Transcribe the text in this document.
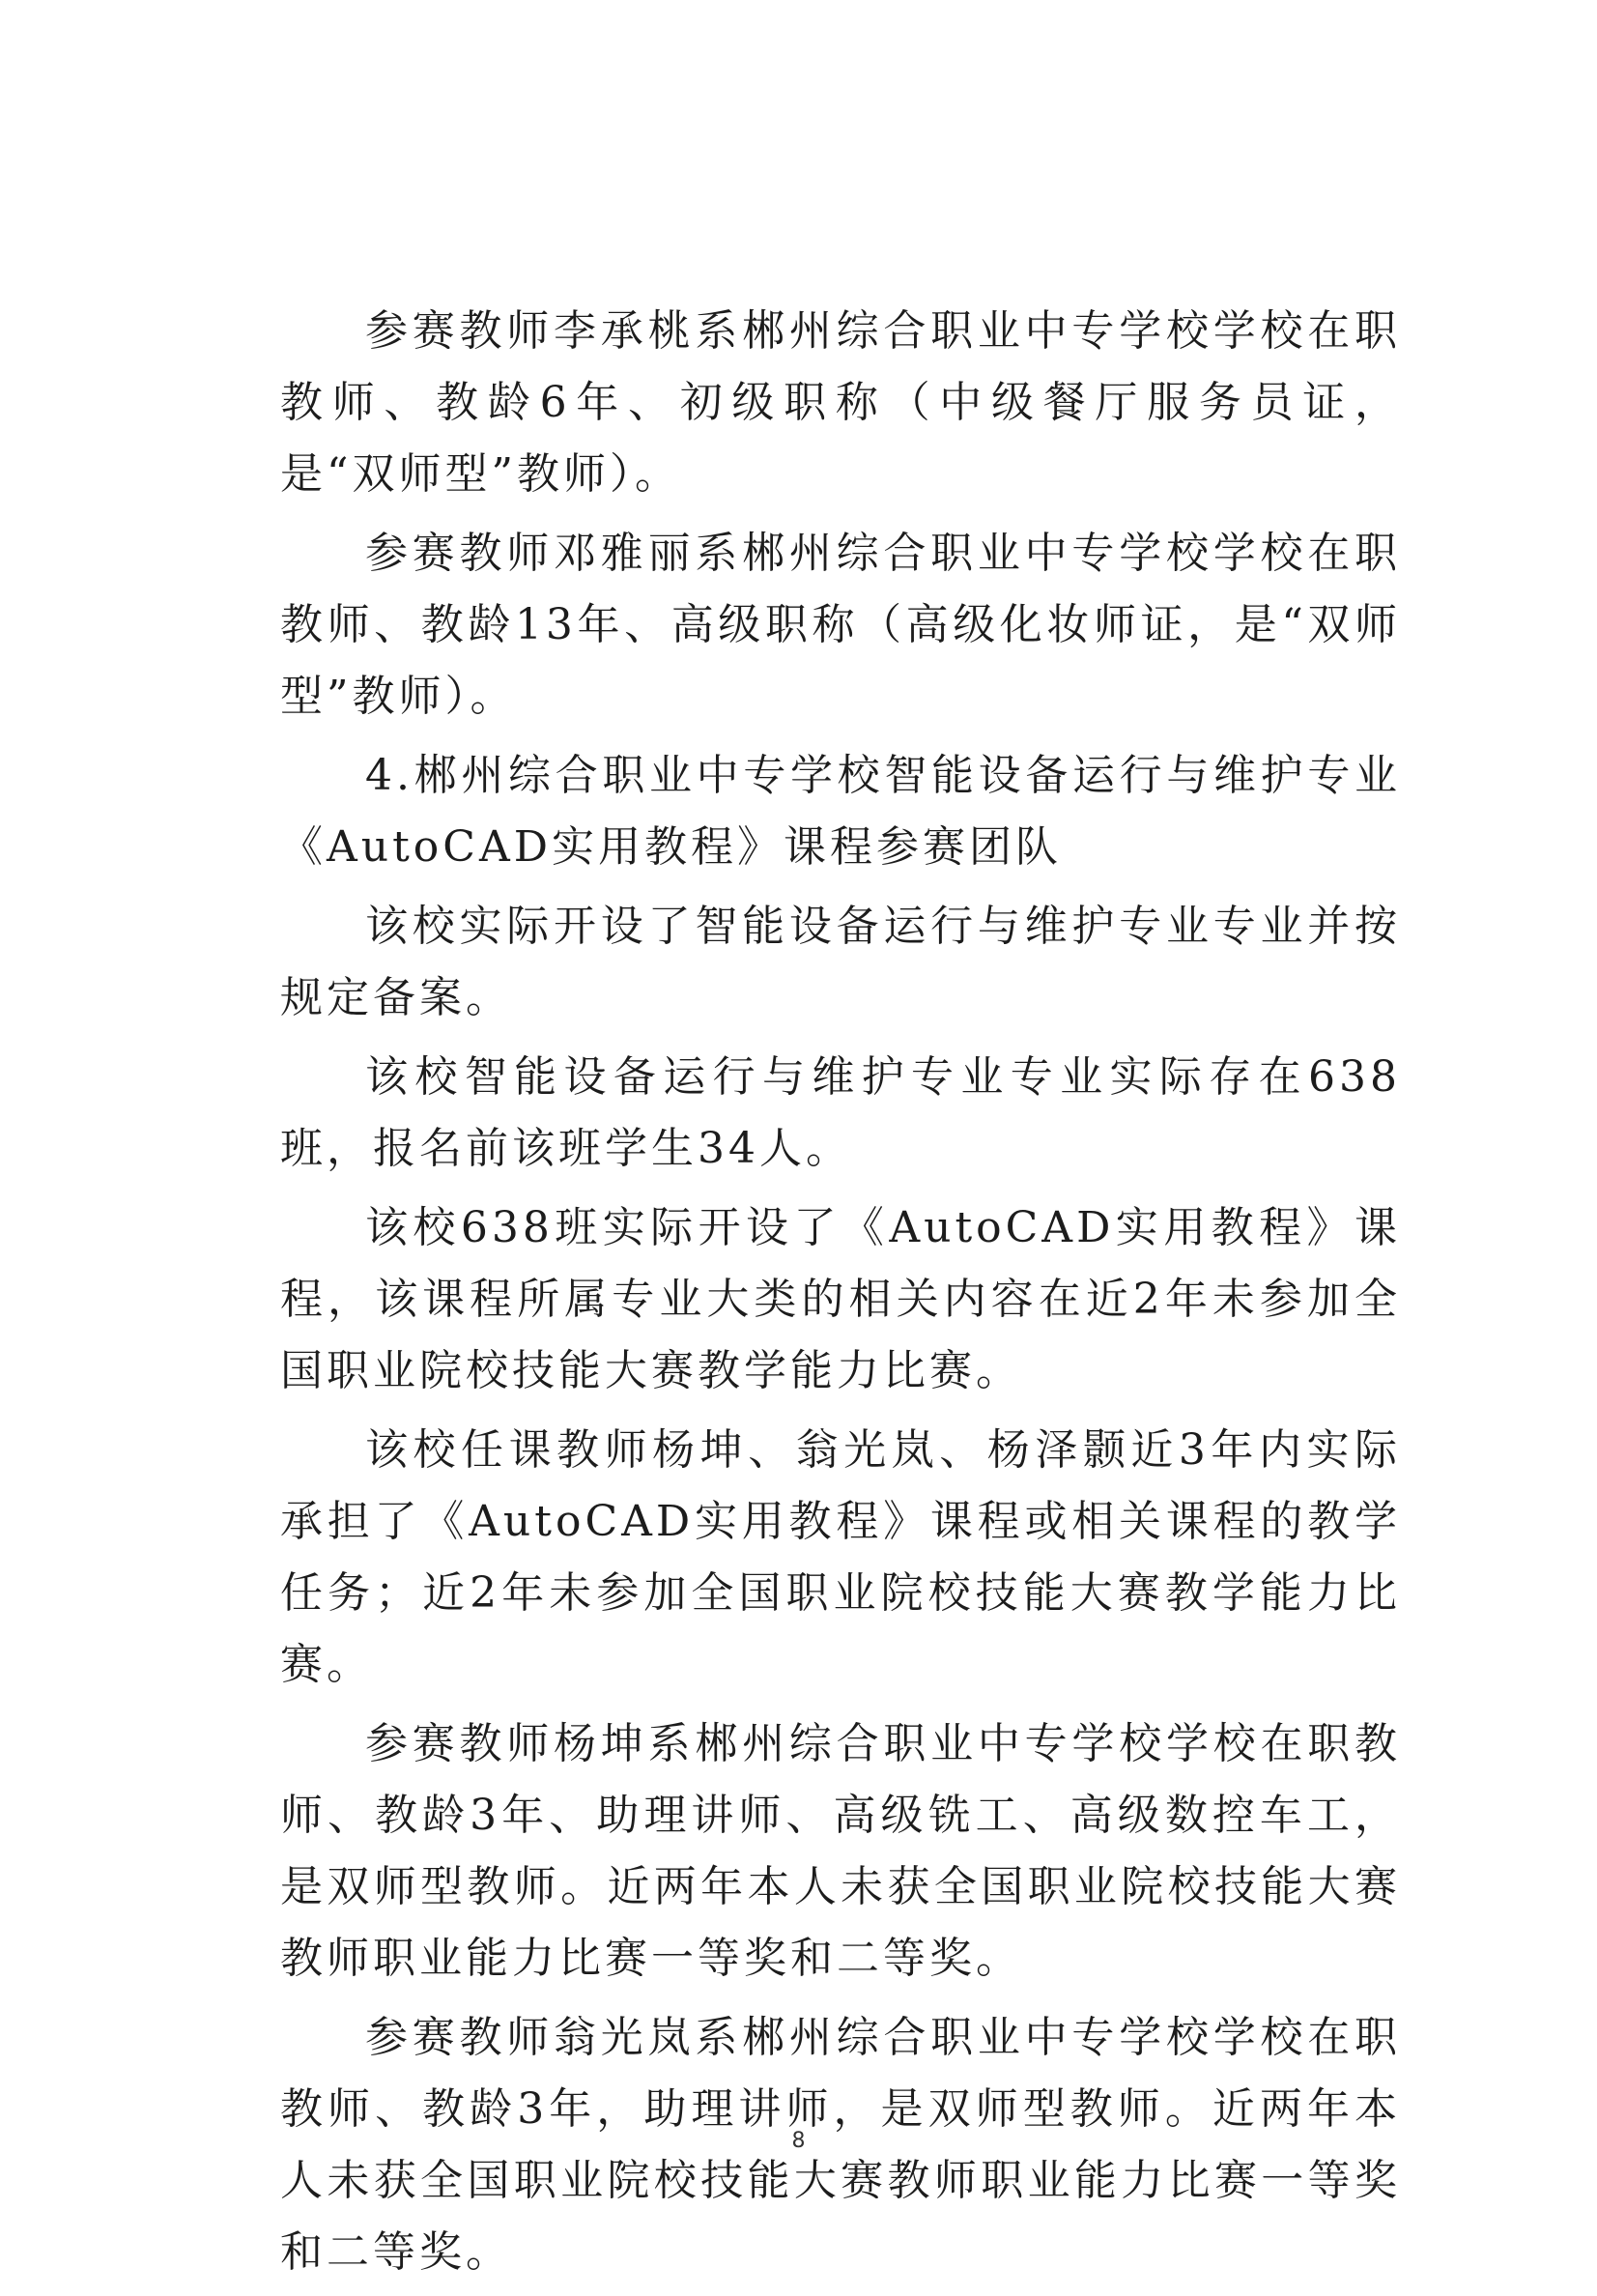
参赛教师李承桃系郴州综合职业中专学校学校在职教师、教龄6年、初级职称（中级餐厅服务员证，是“双师型”教师）。

参赛教师邓雅丽系郴州综合职业中专学校学校在职教师、教龄13年、高级职称（高级化妆师证，是“双师型”教师）。

4.郴州综合职业中专学校智能设备运行与维护专业《AutoCAD实用教程》课程参赛团队

该校实际开设了智能设备运行与维护专业专业并按规定备案。

该校智能设备运行与维护专业专业实际存在638班，报名前该班学生34人。

该校638班实际开设了《AutoCAD实用教程》课程，该课程所属专业大类的相关内容在近2年未参加全国职业院校技能大赛教学能力比赛。

该校任课教师杨坤、翁光岚、杨泽颢近3年内实际承担了《AutoCAD实用教程》课程或相关课程的教学任务；近2年未参加全国职业院校技能大赛教学能力比赛。

参赛教师杨坤系郴州综合职业中专学校学校在职教师、教龄3年、助理讲师、高级铣工、高级数控车工，是双师型教师。近两年本人未获全国职业院校技能大赛教师职业能力比赛一等奖和二等奖。

参赛教师翁光岚系郴州综合职业中专学校学校在职教师、教龄3年，助理讲师，是双师型教师。近两年本人未获全国职业院校技能大赛教师职业能力比赛一等奖和二等奖。

8
